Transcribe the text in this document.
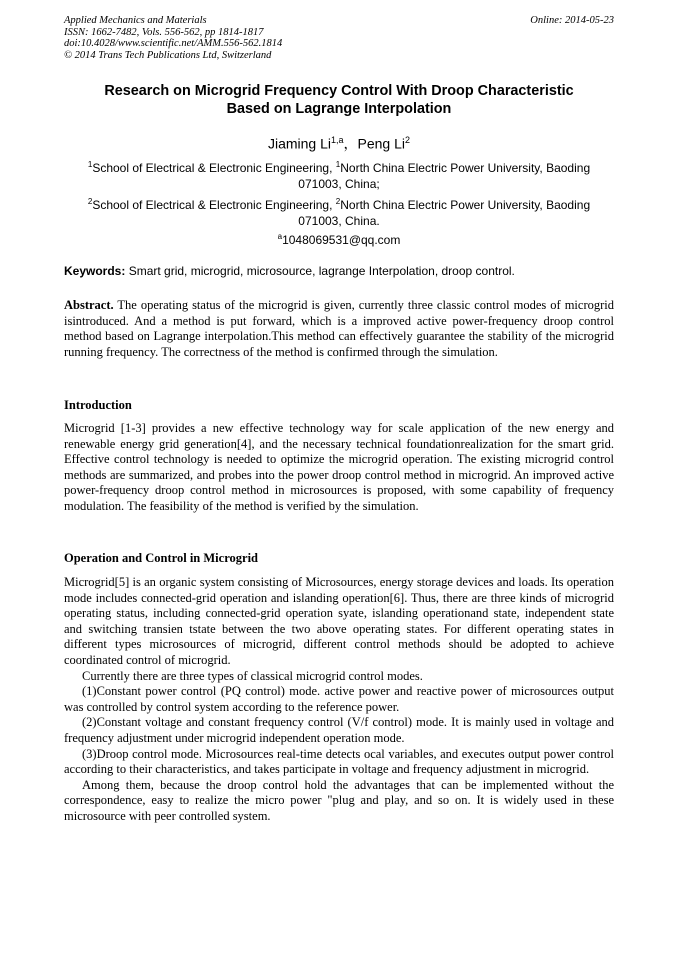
Applied Mechanics and Materials
ISSN: 1662-7482, Vols. 556-562, pp 1814-1817
doi:10.4028/www.scientific.net/AMM.556-562.1814
© 2014 Trans Tech Publications Ltd, Switzerland
Online: 2014-05-23
Research on Microgrid Frequency Control With Droop Characteristic
Based on Lagrange Interpolation
Jiaming Li$^{1,a}$，Peng Li$^2$
$^1$School of Electrical & Electronic Engineering, $^1$North China Electric Power University, Baoding 071003, China;
$^2$School of Electrical & Electronic Engineering, $^2$North China Electric Power University, Baoding 071003, China.
$^a$1048069531@qq.com
Keywords: Smart grid, microgrid, microsource, lagrange Interpolation, droop control.
Abstract. The operating status of the microgrid is given, currently three classic control modes of microgrid isintroduced. And a method is put forward, which is a improved active power-frequency droop control method based on Lagrange interpolation.This method can effectively guarantee the stability of the microgrid running frequency. The correctness of the method is confirmed through the simulation.
Introduction
Microgrid [1-3] provides a new effective technology way for scale application of the new energy and renewable energy grid generation[4], and the necessary technical foundationrealization for the smart grid. Effective control technology is needed to optimize the microgrid operation. The existing microgrid control methods are summarized, and probes into the power droop control method in microgrid. An improved active power-frequency droop control method in microsources is proposed, with some capability of frequency modulation. The feasibility of the method is verified by the simulation.
Operation and Control in Microgrid

Microgrid[5] is an organic system consisting of Microsources, energy storage devices and loads. Its operation mode includes connected-grid operation and islanding operation[6]. Thus, there are three kinds of microgrid operating status, including connected-grid operation syate, islanding operationand state, independent state and switching transien tstate between the two above operating states. For different operating states in different types microsources of microgrid, different control methods should be adopted to achieve coordinated control of microgrid.

Currently there are three types of classical microgrid control modes.

(1)Constant power control (PQ control) mode. active power and reactive power of microsources output was controlled by control system according to the reference power.

(2)Constant voltage and constant frequency control (V/f control) mode. It is mainly used in voltage and frequency adjustment under microgrid independent operation mode.

(3)Droop control mode. Microsources real-time detects ocal variables, and executes output power control according to their characteristics, and takes participate in voltage and frequency adjustment in microgrid.

Among them, because the droop control hold the advantages that can be implemented without the correspondence, easy to realize the micro power "plug and play, and so on. It is widely used in these microsource with peer controlled system.
